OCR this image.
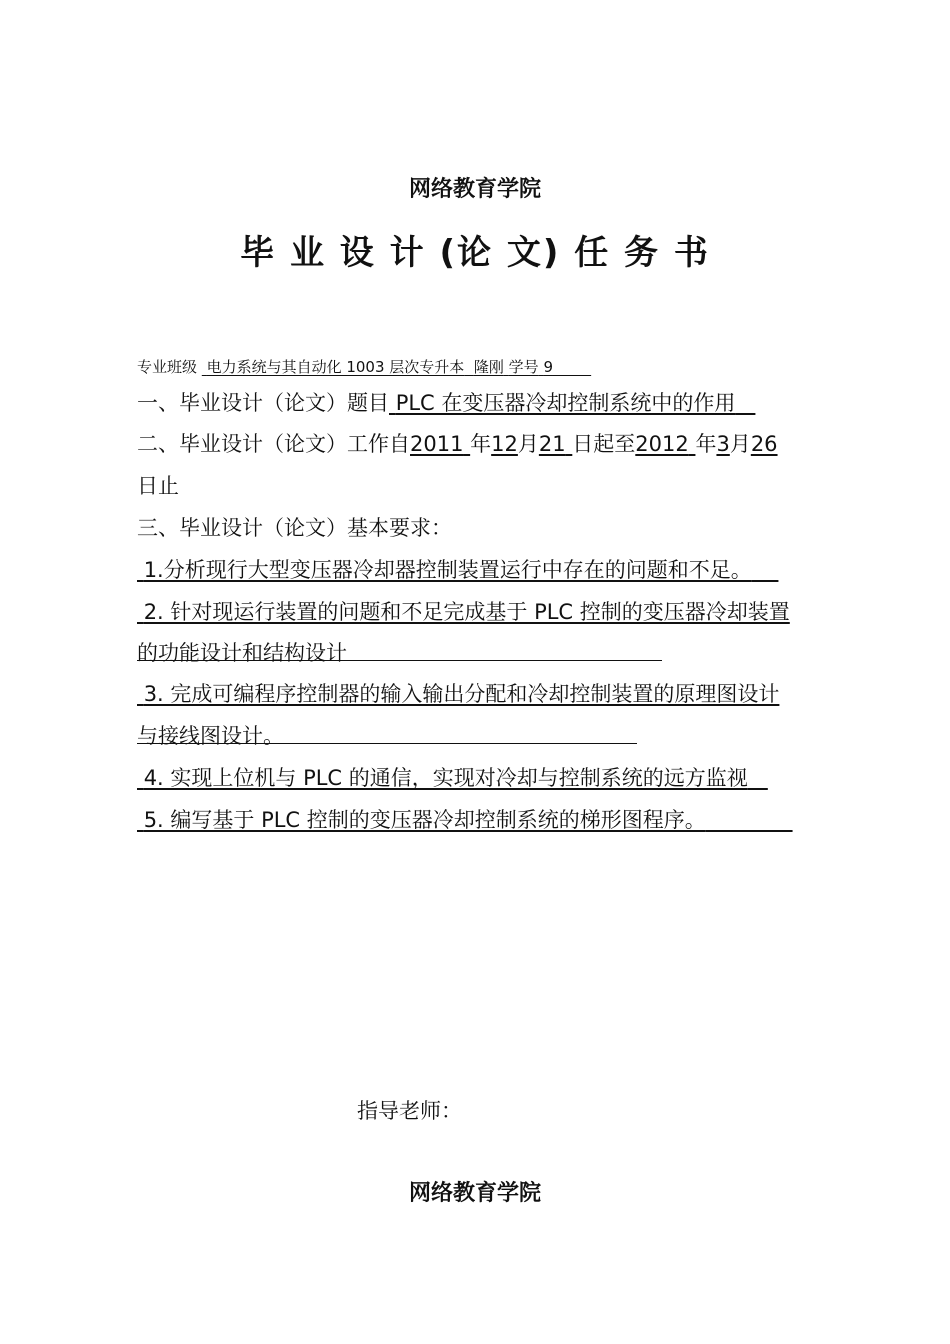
网络教育学院
毕 业 设 计 (论 文) 任 务 书
专业班级 电力系统与其自动化 1003 层次专升本 隆刚 学号 9
一、毕业设计（论文）题目 PLC 在变压器冷却控制系统中的作用
二、毕业设计（论文）工作自2011 年12月21 日起至2012 年3月26
日止
三、毕业设计（论文）基本要求：
1.分析现行大型变压器冷却器控制装置运行中存在的问题和不足。
2. 针对现运行装置的问题和不足完成基于 PLC 控制的变压器冷却装置
的功能设计和结构设计
3. 完成可编程序控制器的输入输出分配和冷却控制装置的原理图设计
与接线图设计。
4. 实现上位机与 PLC 的通信，实现对冷却与控制系统的远方监视
5. 编写基于 PLC 控制的变压器冷却控制系统的梯形图程序。
指导老师：
网络教育学院
